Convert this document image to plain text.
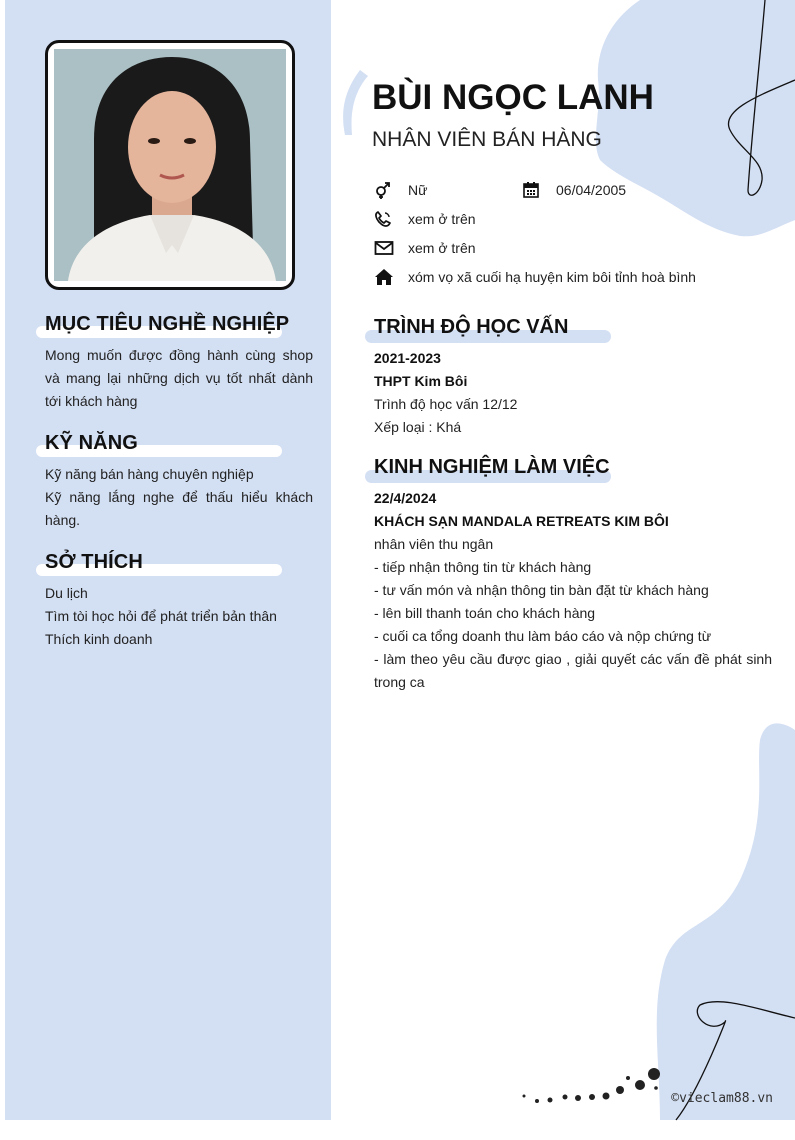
MỤC TIÊU NGHỀ NGHIỆP
Mong muốn được đồng hành cùng shop và mang lại những dịch vụ tốt nhất dành tới khách hàng
KỸ NĂNG
Kỹ năng bán hàng chuyên nghiệp
Kỹ năng lắng nghe để thấu hiểu khách hàng.
SỞ THÍCH
Du lịch
Tìm tòi học hỏi để phát triển bản thân
Thích kinh doanh
BÙI NGỌC LANH
NHÂN VIÊN BÁN HÀNG
Nữ	06/04/2005
xem ở trên
xem ở trên
xóm vọ xã cuối hạ huyện kim bôi tỉnh hoà bình
TRÌNH ĐỘ HỌC VẤN
2021-2023
THPT Kim Bôi
Trình độ học vấn 12/12
Xếp loại : Khá
KINH NGHIỆM LÀM VIỆC
22/4/2024
KHÁCH SẠN MANDALA RETREATS KIM BÔI
nhân viên thu ngân
- tiếp nhận thông tin từ khách hàng
- tư vấn món và nhận thông tin bàn đặt từ khách hàng
- lên bill thanh toán cho khách hàng
- cuối ca tổng doanh thu làm báo cáo và nộp chứng từ
- làm theo yêu cầu được giao , giải quyết các vấn đề phát sinh trong ca
©vieclam88.vn
